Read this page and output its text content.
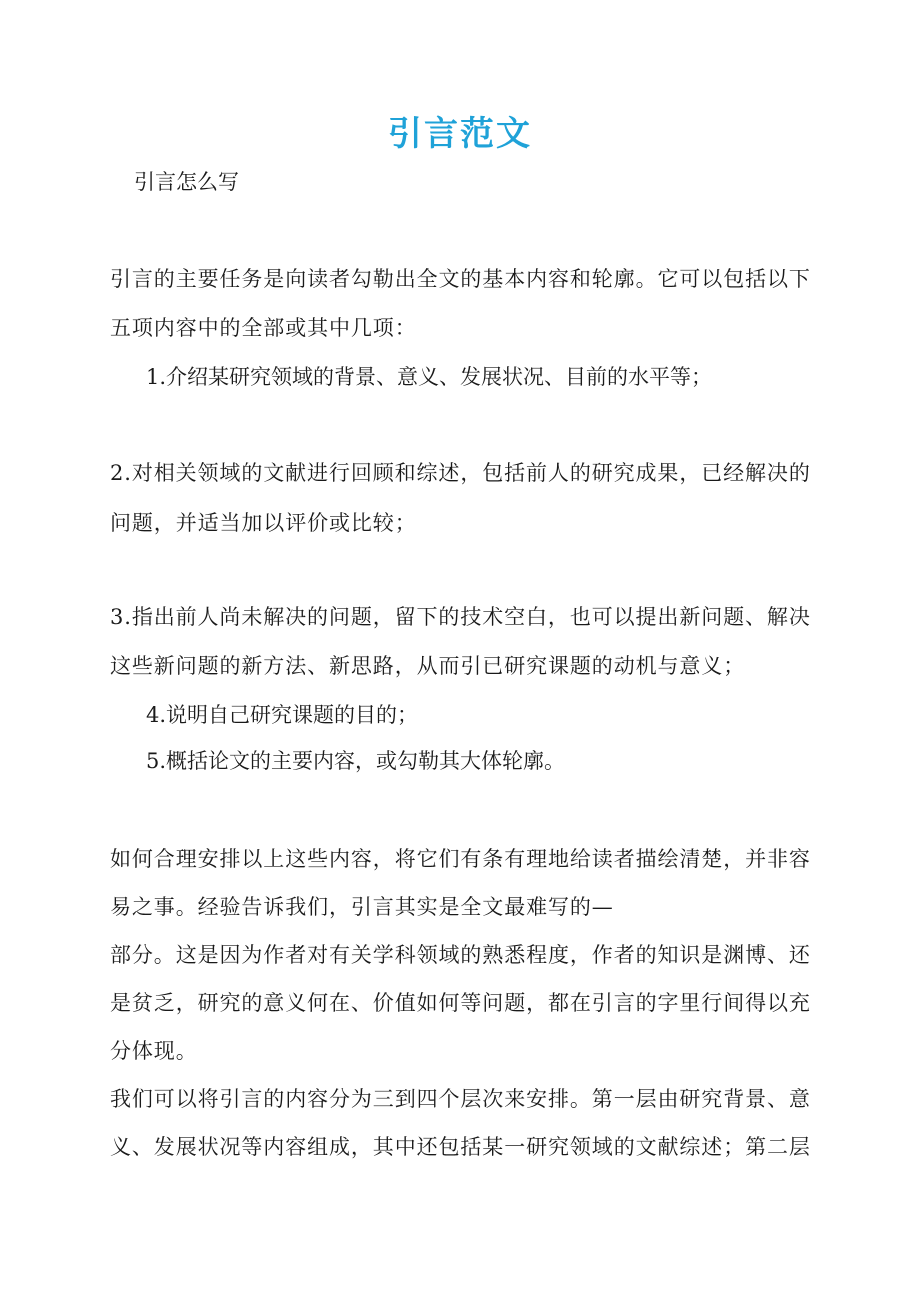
引言范文
引言怎么写
引言的主要任务是向读者勾勒出全文的基本内容和轮廓。它可以包括以下
五项内容中的全部或其中几项：
1.介绍某研究领域的背景、意义、发展状况、目前的水平等；
2.对相关领域的文献进行回顾和综述，包括前人的研究成果，已经解决的
问题，并适当加以评价或比较；
3.指出前人尚未解决的问题，留下的技术空白，也可以提出新问题、解决
这些新问题的新方法、新思路，从而引已研究课题的动机与意义；
4.说明自己研究课题的目的；
5.概括论文的主要内容，或勾勒其大体轮廓。
如何合理安排以上这些内容，将它们有条有理地给读者描绘清楚，并非容
易之事。经验告诉我们，引言其实是全文最难写的—
部分。这是因为作者对有关学科领域的熟悉程度，作者的知识是渊博、还
是贫乏，研究的意义何在、价值如何等问题，都在引言的字里行间得以充
分体现。
我们可以将引言的内容分为三到四个层次来安排。第一层由研究背景、意
义、发展状况等内容组成，其中还包括某一研究领域的文献综述；第二层
